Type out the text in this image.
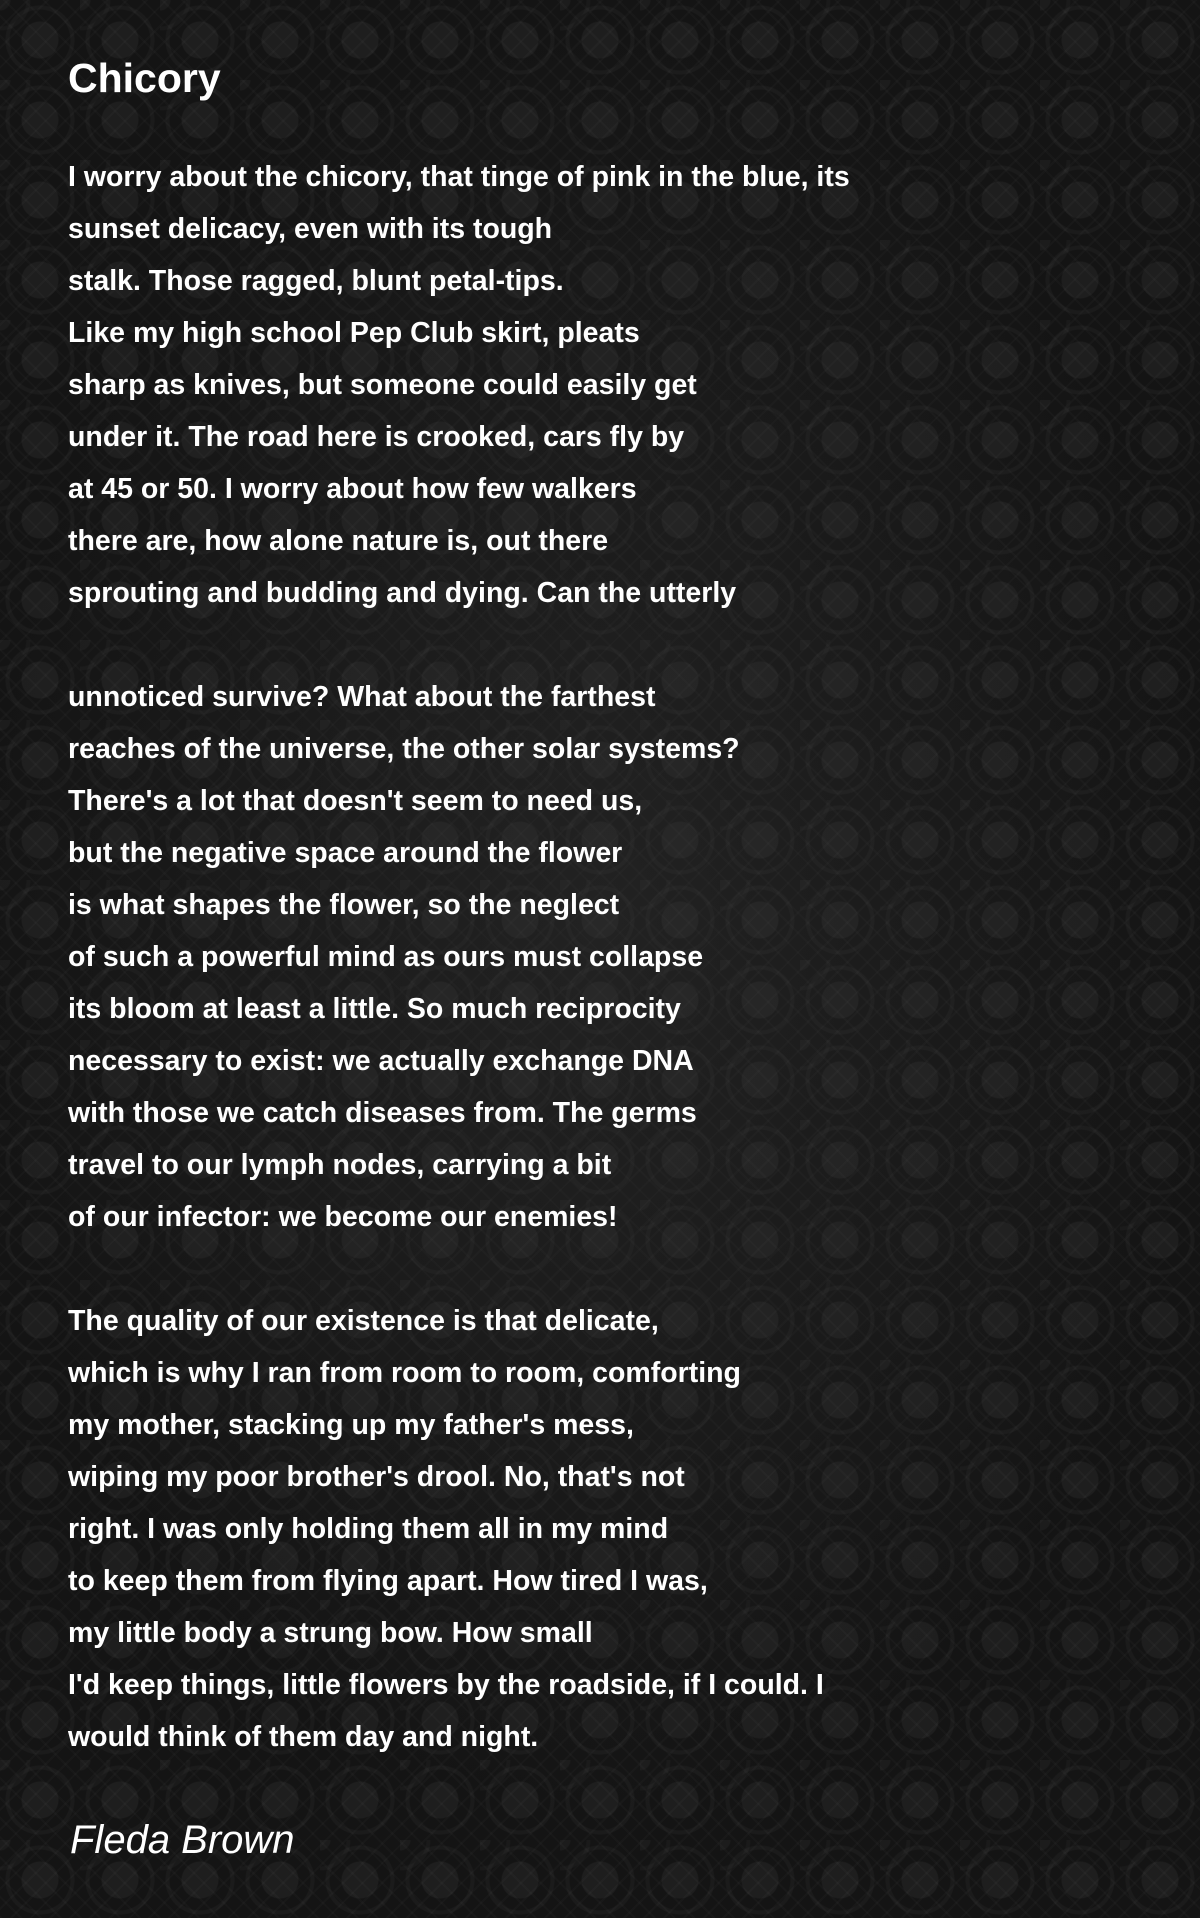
Chicory
I worry about the chicory, that tinge of pink in the blue, its
sunset delicacy, even with its tough
stalk. Those ragged, blunt petal-tips.
Like my high school Pep Club skirt, pleats
sharp as knives, but someone could easily get
under it. The road here is crooked, cars fly by
at 45 or 50. I worry about how few walkers
there are, how alone nature is, out there
sprouting and budding and dying. Can the utterly
unnoticed survive? What about the farthest
reaches of the universe, the other solar systems?
There's a lot that doesn't seem to need us,
but the negative space around the flower
is what shapes the flower, so the neglect
of such a powerful mind as ours must collapse
its bloom at least a little. So much reciprocity
necessary to exist: we actually exchange DNA
with those we catch diseases from. The germs
travel to our lymph nodes, carrying a bit
of our infector: we become our enemies!
The quality of our existence is that delicate,
which is why I ran from room to room, comforting
my mother, stacking up my father's mess,
wiping my poor brother's drool. No, that's not
right. I was only holding them all in my mind
to keep them from flying apart. How tired I was,
my little body a strung bow. How small
I'd keep things, little flowers by the roadside, if I could. I
would think of them day and night.
Fleda Brown
